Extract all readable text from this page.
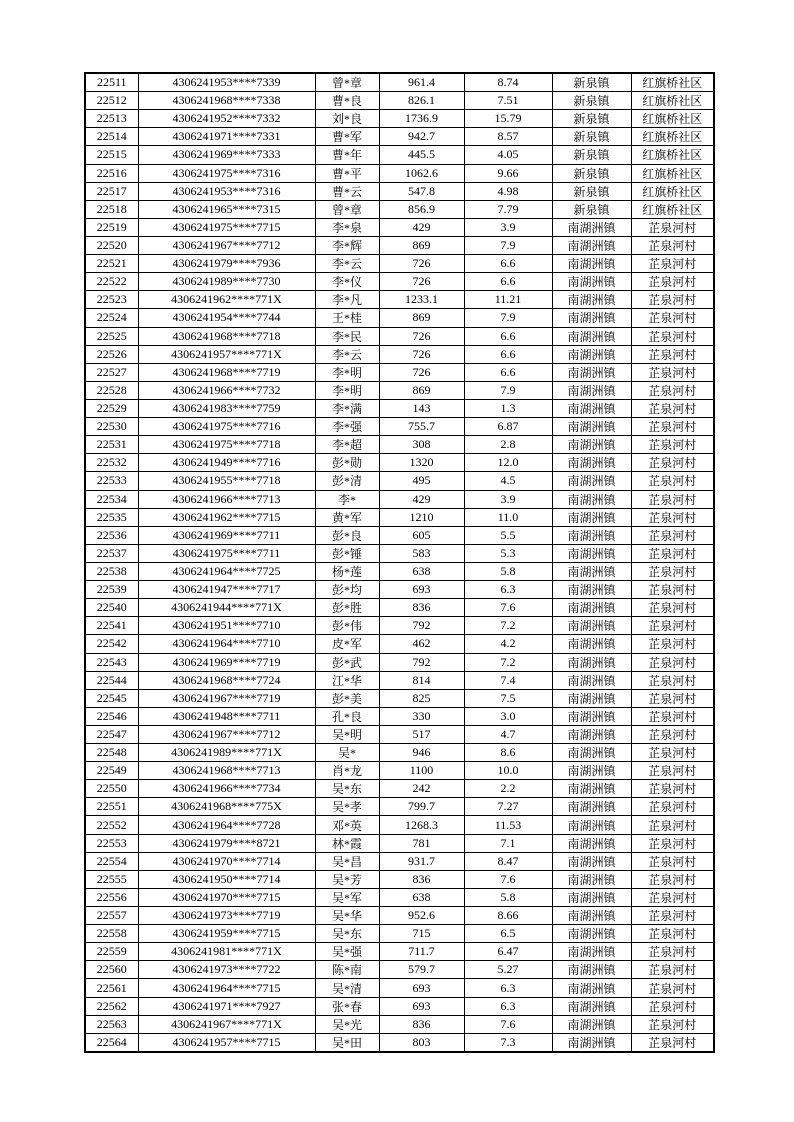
22511	4306241953****7339	曾*章	961.4	8.74	新泉镇	红旗桥社区
22512	4306241968****7338	曹*良	826.1	7.51	新泉镇	红旗桥社区
22513	4306241952****7332	刘*良	1736.9	15.79	新泉镇	红旗桥社区
22514	4306241971****7331	曹*军	942.7	8.57	新泉镇	红旗桥社区
22515	4306241969****7333	曹*年	445.5	4.05	新泉镇	红旗桥社区
22516	4306241975****7316	曹*平	1062.6	9.66	新泉镇	红旗桥社区
22517	4306241953****7316	曹*云	547.8	4.98	新泉镇	红旗桥社区
22518	4306241965****7315	曾*章	856.9	7.79	新泉镇	红旗桥社区
22519	4306241975****7715	李*泉	429	3.9	南湖洲镇	芷泉河村
22520	4306241967****7712	李*辉	869	7.9	南湖洲镇	芷泉河村
22521	4306241979****7936	李*云	726	6.6	南湖洲镇	芷泉河村
22522	4306241989****7730	李*仪	726	6.6	南湖洲镇	芷泉河村
22523	4306241962****771X	李*凡	1233.1	11.21	南湖洲镇	芷泉河村
22524	4306241954****7744	王*桂	869	7.9	南湖洲镇	芷泉河村
22525	4306241968****7718	李*民	726	6.6	南湖洲镇	芷泉河村
22526	4306241957****771X	李*云	726	6.6	南湖洲镇	芷泉河村
22527	4306241968****7719	李*明	726	6.6	南湖洲镇	芷泉河村
22528	4306241966****7732	李*明	869	7.9	南湖洲镇	芷泉河村
22529	4306241983****7759	李*满	143	1.3	南湖洲镇	芷泉河村
22530	4306241975****7716	李*强	755.7	6.87	南湖洲镇	芷泉河村
22531	4306241975****7718	李*超	308	2.8	南湖洲镇	芷泉河村
22532	4306241949****7716	彭*勋	1320	12.0	南湖洲镇	芷泉河村
22533	4306241955****7718	彭*清	495	4.5	南湖洲镇	芷泉河村
22534	4306241966****7713	李*	429	3.9	南湖洲镇	芷泉河村
22535	4306241962****7715	黄*军	1210	11.0	南湖洲镇	芷泉河村
22536	4306241969****7711	彭*良	605	5.5	南湖洲镇	芷泉河村
22537	4306241975****7711	彭*锤	583	5.3	南湖洲镇	芷泉河村
22538	4306241964****7725	杨*莲	638	5.8	南湖洲镇	芷泉河村
22539	4306241947****7717	彭*均	693	6.3	南湖洲镇	芷泉河村
22540	4306241944****771X	彭*胜	836	7.6	南湖洲镇	芷泉河村
22541	4306241951****7710	彭*伟	792	7.2	南湖洲镇	芷泉河村
22542	4306241964****7710	皮*军	462	4.2	南湖洲镇	芷泉河村
22543	4306241969****7719	彭*武	792	7.2	南湖洲镇	芷泉河村
22544	4306241968****7724	江*华	814	7.4	南湖洲镇	芷泉河村
22545	4306241967****7719	彭*美	825	7.5	南湖洲镇	芷泉河村
22546	4306241948****7711	孔*良	330	3.0	南湖洲镇	芷泉河村
22547	4306241967****7712	吴*明	517	4.7	南湖洲镇	芷泉河村
22548	4306241989****771X	吴*	946	8.6	南湖洲镇	芷泉河村
22549	4306241968****7713	肖*龙	1100	10.0	南湖洲镇	芷泉河村
22550	4306241966****7734	吴*东	242	2.2	南湖洲镇	芷泉河村
22551	4306241968****775X	吴*孝	799.7	7.27	南湖洲镇	芷泉河村
22552	4306241964****7728	邓*英	1268.3	11.53	南湖洲镇	芷泉河村
22553	4306241979****8721	林*霞	781	7.1	南湖洲镇	芷泉河村
22554	4306241970****7714	吴*昌	931.7	8.47	南湖洲镇	芷泉河村
22555	4306241950****7714	吴*芳	836	7.6	南湖洲镇	芷泉河村
22556	4306241970****7715	吴*军	638	5.8	南湖洲镇	芷泉河村
22557	4306241973****7719	吴*华	952.6	8.66	南湖洲镇	芷泉河村
22558	4306241959****7715	吴*东	715	6.5	南湖洲镇	芷泉河村
22559	4306241981****771X	吴*强	711.7	6.47	南湖洲镇	芷泉河村
22560	4306241973****7722	陈*南	579.7	5.27	南湖洲镇	芷泉河村
22561	4306241964****7715	吴*清	693	6.3	南湖洲镇	芷泉河村
22562	4306241971****7927	张*春	693	6.3	南湖洲镇	芷泉河村
22563	4306241967****771X	吴*光	836	7.6	南湖洲镇	芷泉河村
22564	4306241957****7715	吴*田	803	7.3	南湖洲镇	芷泉河村
